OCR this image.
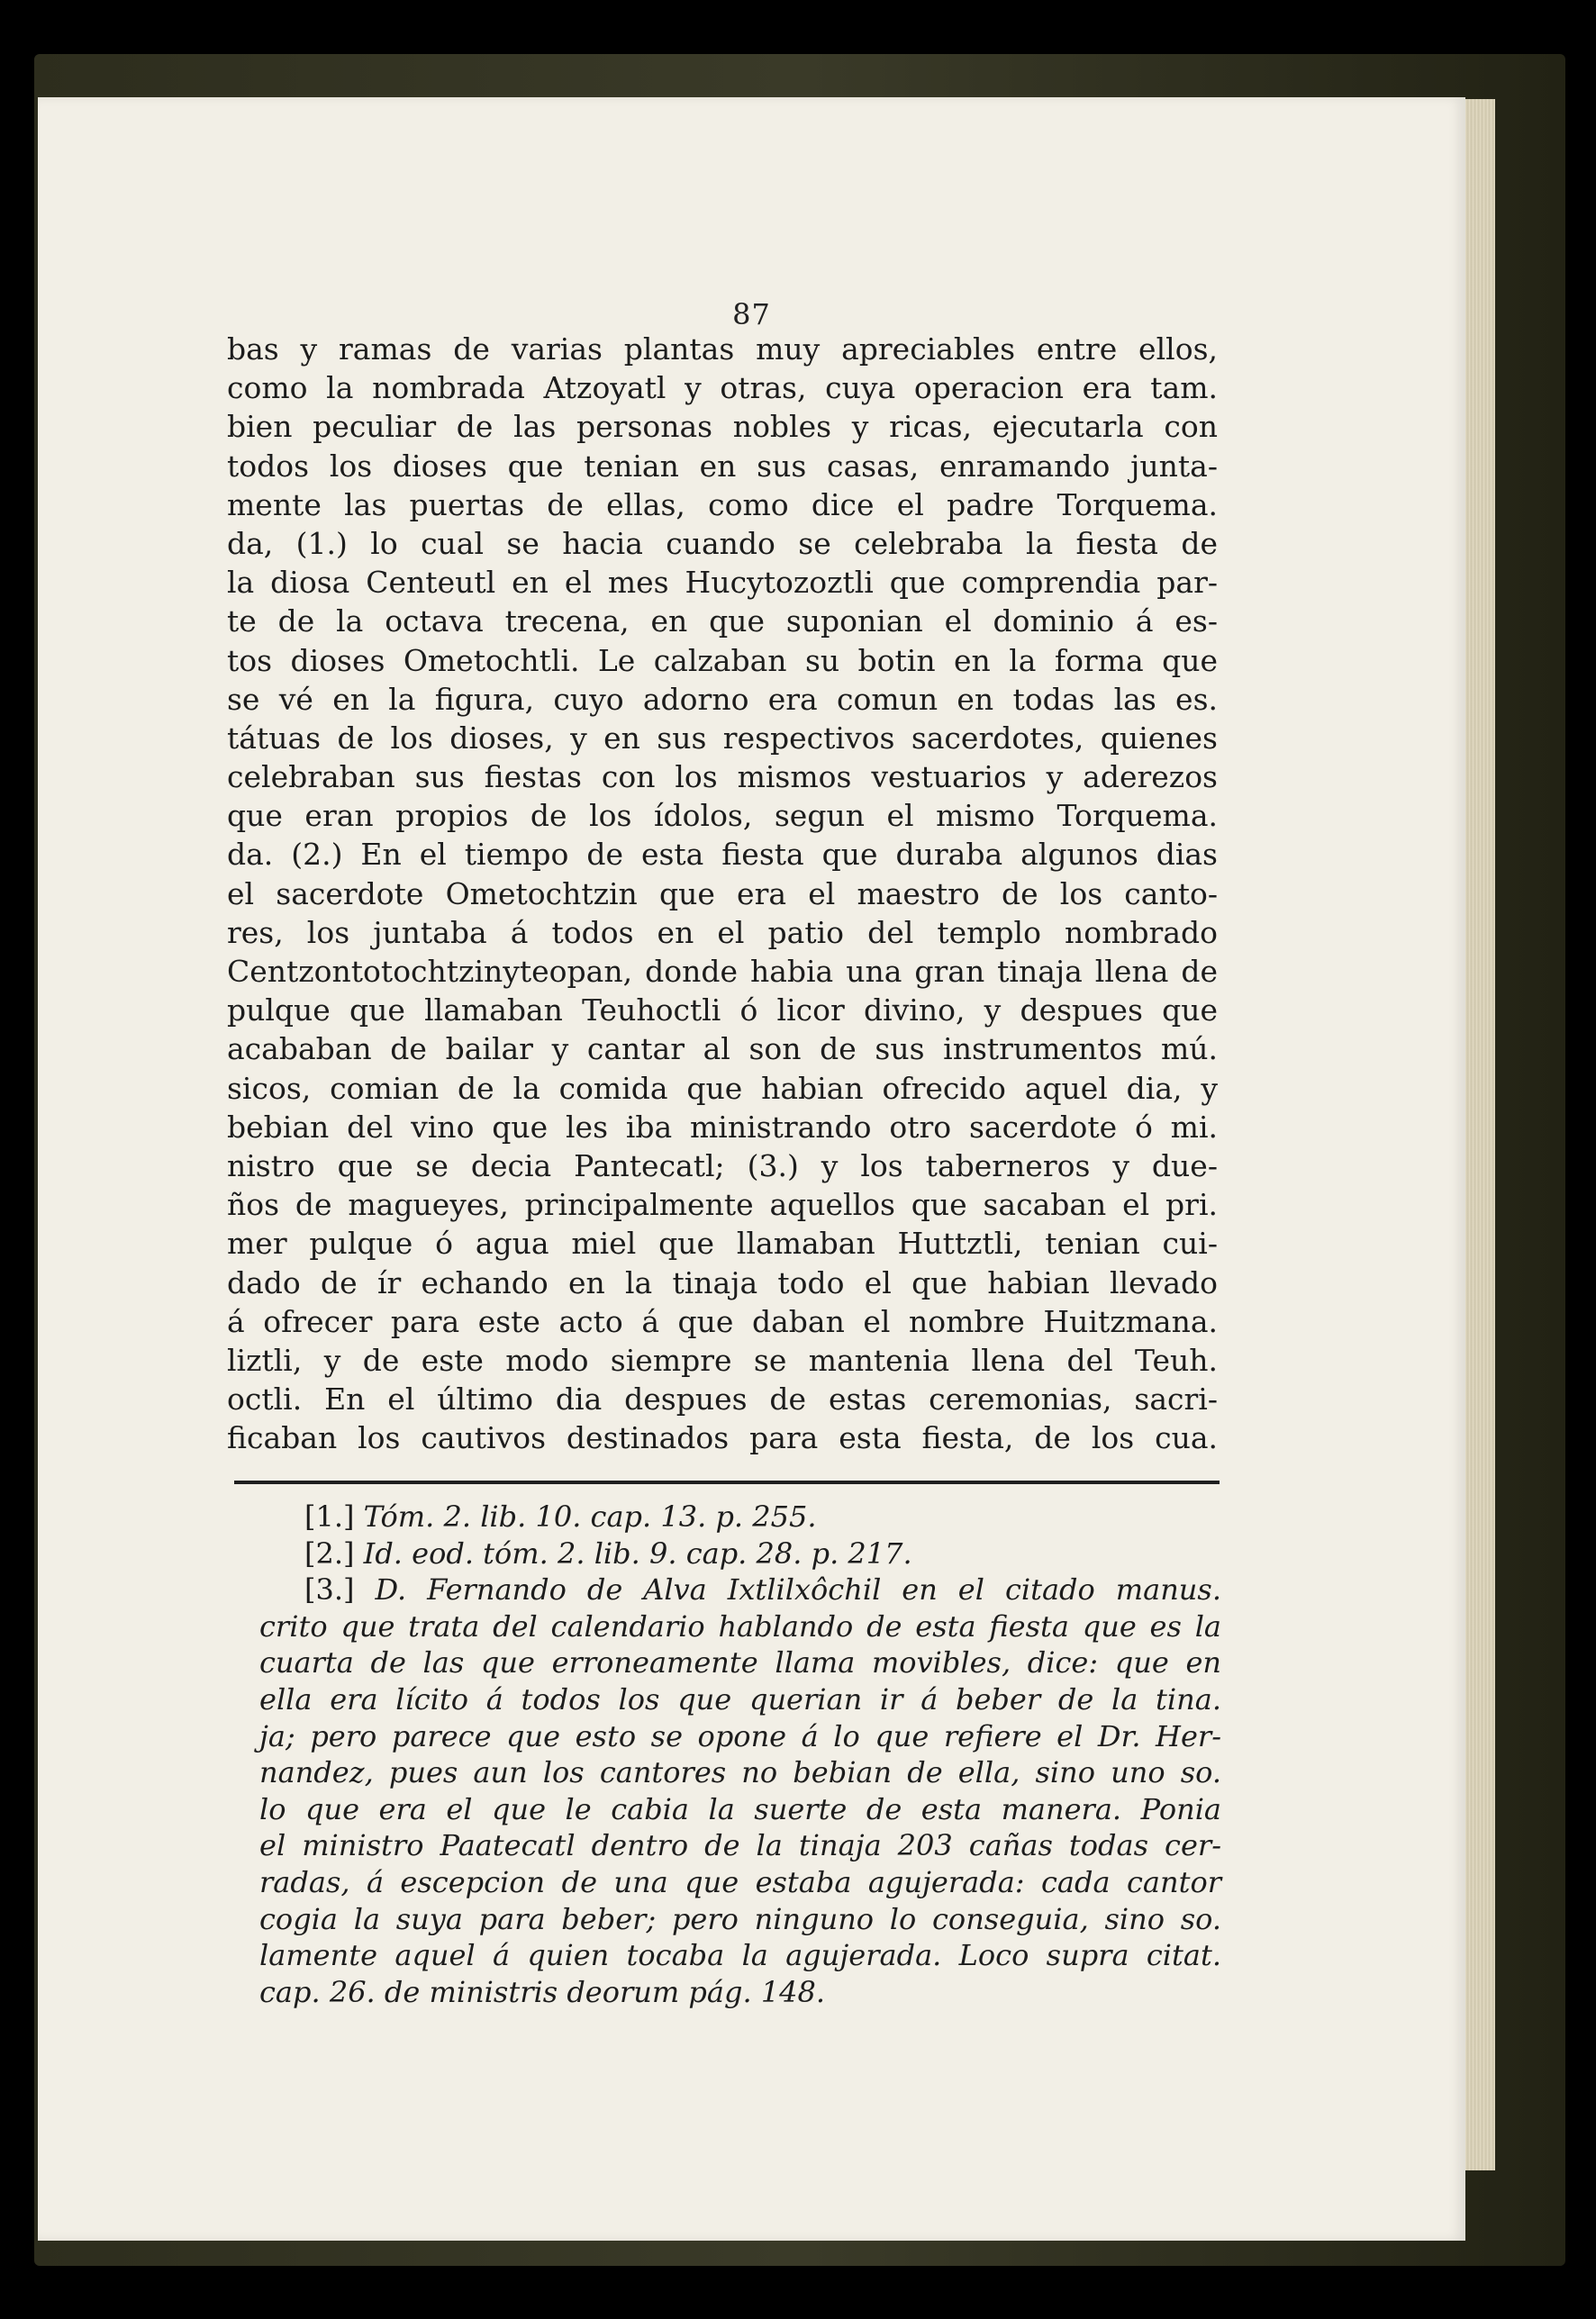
87
bas y ramas de varias plantas muy apreciables entre ellos,
como la nombrada Atzoyatl y otras, cuya operacion era tam.
bien peculiar de las personas nobles y ricas, ejecutarla con
todos los dioses que tenian en sus casas, enramando junta-
mente las puertas de ellas, como dice el padre Torquema.
da, (1.) lo cual se hacia cuando se celebraba la fiesta de
la diosa Centeutl en el mes Hucytozoztli que comprendia par-
te de la octava trecena, en que suponian el dominio á es-
tos dioses Ometochtli. Le calzaban su botin en la forma que
se vé en la figura, cuyo adorno era comun en todas las es.
tátuas de los dioses, y en sus respectivos sacerdotes, quienes
celebraban sus fiestas con los mismos vestuarios y aderezos
que eran propios de los ídolos, segun el mismo Torquema.
da. (2.) En el tiempo de esta fiesta que duraba algunos dias
el sacerdote Ometochtzin que era el maestro de los canto-
res, los juntaba á todos en el patio del templo nombrado
Centzontotochtzinyteopan, donde habia una gran tinaja llena de
pulque que llamaban Teuhoctli ó licor divino, y despues que
acababan de bailar y cantar al son de sus instrumentos mú.
sicos, comian de la comida que habian ofrecido aquel dia, y
bebian del vino que les iba ministrando otro sacerdote ó mi.
nistro que se decia Pantecatl; (3.) y los taberneros y due-
ños de magueyes, principalmente aquellos que sacaban el pri.
mer pulque ó agua miel que llamaban Huttztli, tenian cui-
dado de ír echando en la tinaja todo el que habian llevado
á ofrecer para este acto á que daban el nombre Huitzmana.
liztli, y de este modo siempre se mantenia llena del Teuh.
octli. En el último dia despues de estas ceremonias, sacri-
ficaban los cautivos destinados para esta fiesta, de los cua.
[1.] Tóm. 2. lib. 10. cap. 13. p. 255.
[2.] Id. eod. tóm. 2. lib. 9. cap. 28. p. 217.
[3.] D. Fernando de Alva Ixtlilxôchil en el citado manus.
crito que trata del calendario hablando de esta fiesta que es la
cuarta de las que erroneamente llama movibles, dice: que en
ella era lícito á todos los que querian ir á beber de la tina.
ja; pero parece que esto se opone á lo que refiere el Dr. Her-
nandez, pues aun los cantores no bebian de ella, sino uno so.
lo que era el que le cabia la suerte de esta manera. Ponia
el ministro Paatecatl dentro de la tinaja 203 cañas todas cer-
radas, á escepcion de una que estaba agujerada: cada cantor
cogia la suya para beber; pero ninguno lo conseguia, sino so.
lamente aquel á quien tocaba la agujerada. Loco supra citat.
cap. 26. de ministris deorum pág. 148.
